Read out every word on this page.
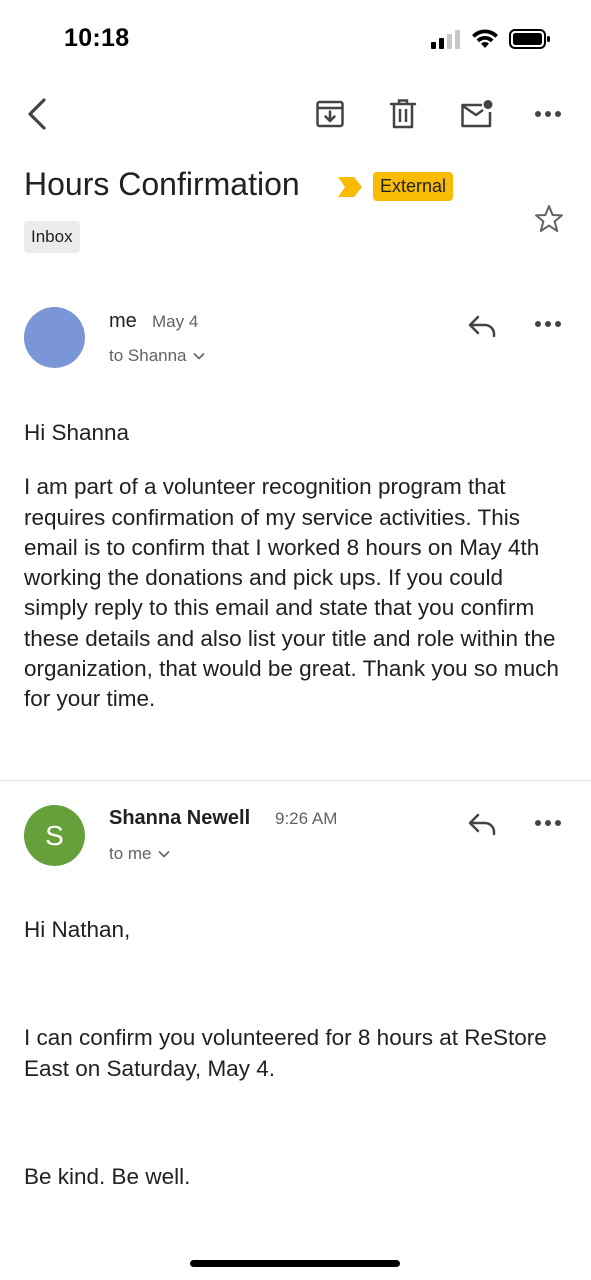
10:18
Hours Confirmation	External
Inbox
me May 4
to Shanna

Hi Shanna

I am part of a volunteer recognition program that requires confirmation of my service activities. This email is to confirm that I worked 8 hours on May 4th working the donations and pick ups. If you could simply reply to this email and state that you confirm these details and also list your title and role within the organization, that would be great. Thank you so much for your time.

S
Shanna Newell 9:26 AM
to me

Hi Nathan,

I can confirm you volunteered for 8 hours at ReStore East on Saturday, May 4.

Be kind. Be well.
